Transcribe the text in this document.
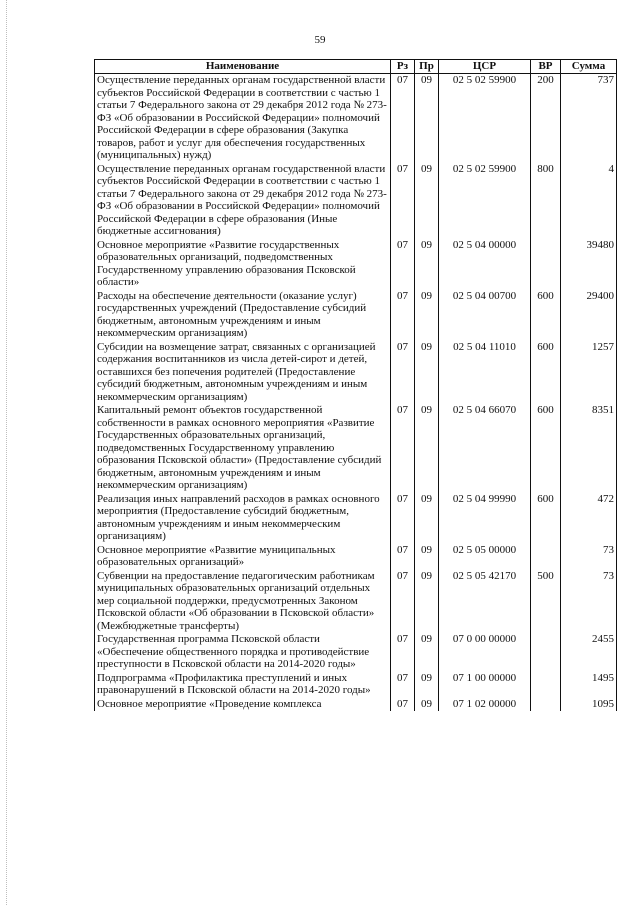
59
Наименование	Рз	Пр	ЦСР	ВР	Сумма
Осуществление переданных органам государственной власти субъектов Российской Федерации в соответствии с частью 1 статьи 7 Федерального закона от 29 декабря 2012 года № 273-ФЗ «Об образовании в Российской Федерации» полномочий Российской Федерации в сфере образования (Закупка товаров, работ и услуг для обеспечения государственных (муниципальных) нужд)	07	09	02 5 02 59900	200	737
Осуществление переданных органам государственной власти субъектов Российской Федерации в соответствии с частью 1 статьи 7 Федерального закона от 29 декабря 2012 года № 273-ФЗ «Об образовании в Российской Федерации» полномочий Российской Федерации в сфере образования (Иные бюджетные ассигнования)	07	09	02 5 02 59900	800	4
Основное мероприятие «Развитие государственных образовательных организаций, подведомственных Государственному управлению образования Псковской области»	07	09	02 5 04 00000		39480
Расходы на обеспечение деятельности (оказание услуг) государственных учреждений (Предоставление субсидий бюджетным, автономным учреждениям и иным некоммерческим организациям)	07	09	02 5 04 00700	600	29400
Субсидии на возмещение затрат, связанных с организацией содержания воспитанников из числа детей-сирот и детей, оставшихся без попечения родителей (Предоставление субсидий бюджетным, автономным учреждениям и иным некоммерческим организациям)	07	09	02 5 04 11010	600	1257
Капитальный ремонт объектов государственной собственности в рамках основного мероприятия «Развитие Государственных образовательных организаций, подведомственных Государственному управлению образования Псковской области» (Предоставление субсидий бюджетным, автономным учреждениям и иным некоммерческим организациям)	07	09	02 5 04 66070	600	8351
Реализация иных направлений расходов в рамках основного мероприятия (Предоставление субсидий бюджетным, автономным учреждениям и иным некоммерческим организациям)	07	09	02 5 04 99990	600	472
Основное мероприятие «Развитие муниципальных образовательных организаций»	07	09	02 5 05 00000		73
Субвенции на предоставление педагогическим работникам муниципальных образовательных организаций отдельных мер социальной поддержки, предусмотренных Законом Псковской области «Об образовании в Псковской области» (Межбюджетные трансферты)	07	09	02 5 05 42170	500	73
Государственная программа Псковской области «Обеспечение общественного порядка и противодействие преступности в Псковской области на 2014-2020 годы»	07	09	07 0 00 00000		2455
Подпрограмма «Профилактика преступлений и иных правонарушений в Псковской области на 2014-2020 годы»	07	09	07 1 00 00000		1495
Основное мероприятие «Проведение комплекса	07	09	07 1 02 00000		1095
